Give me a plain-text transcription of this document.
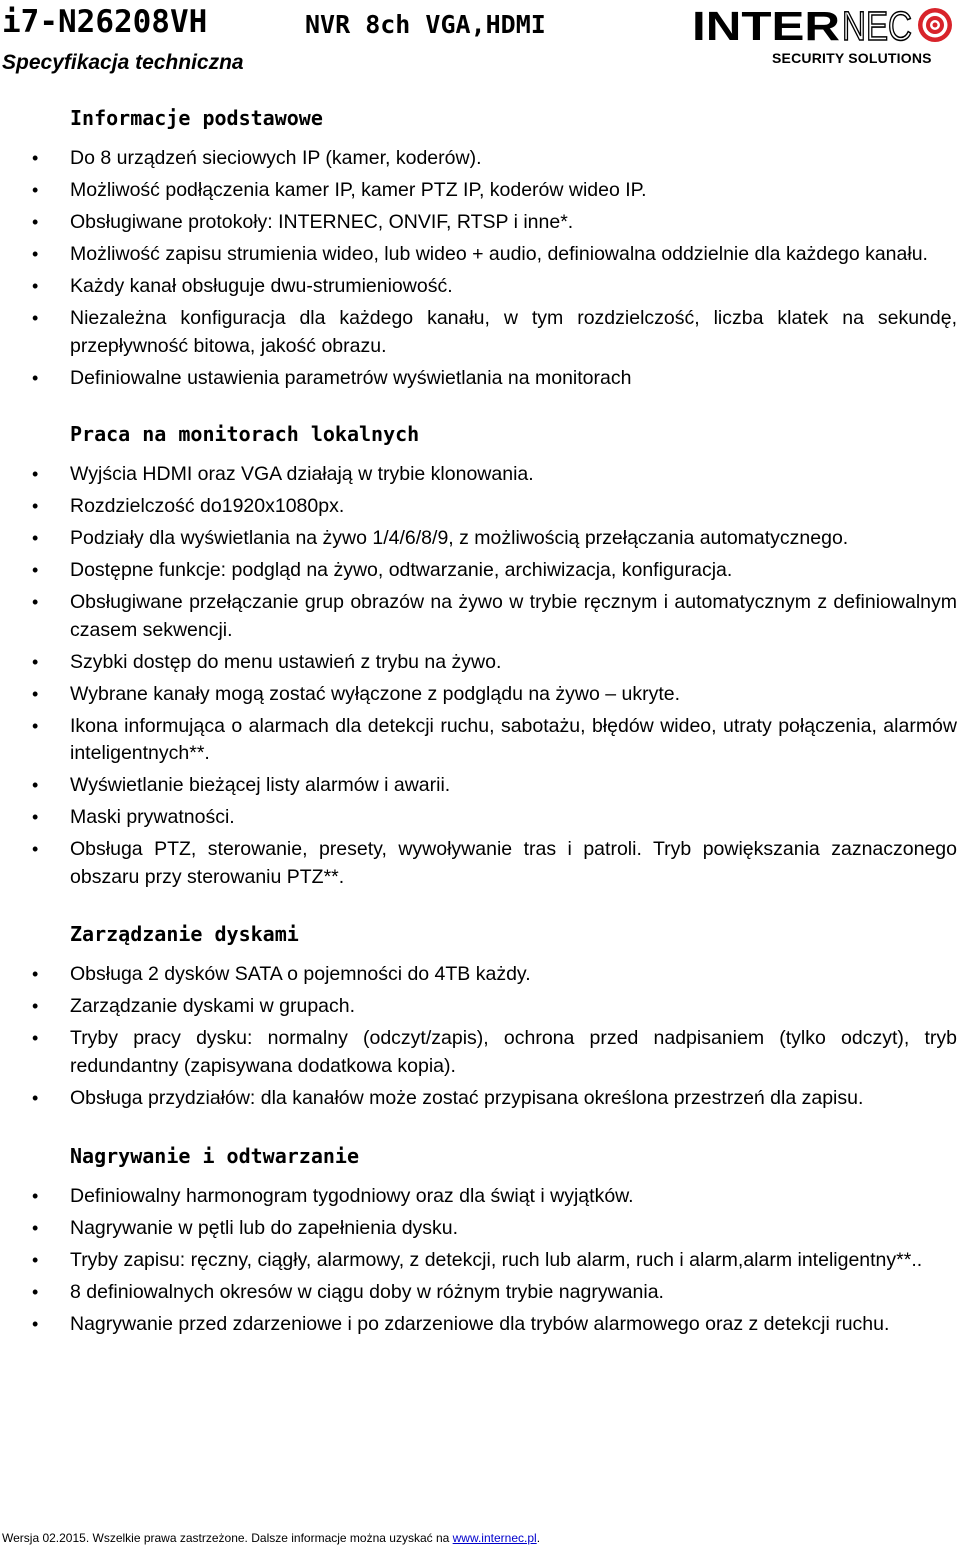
i7-N26208VH	NVR 8ch VGA,HDMI
Specyfikacja techniczna
INTER NEC
SECURITY SOLUTIONS
Informacje podstawowe
• Do 8 urządzeń sieciowych IP (kamer, koderów).
• Możliwość podłączenia kamer IP, kamer PTZ IP, koderów wideo IP.
• Obsługiwane protokoły: INTERNEC, ONVIF, RTSP i inne*.
• Możliwość zapisu strumienia wideo, lub wideo + audio, definiowalna oddzielnie dla każdego kanału.
• Każdy kanał obsługuje dwu-strumieniowość.
• Niezależna konfiguracja dla każdego kanału, w tym rozdzielczość, liczba klatek na sekundę, przepływność bitowa, jakość obrazu.
• Definiowalne ustawienia parametrów wyświetlania na monitorach
Praca na monitorach lokalnych
• Wyjścia HDMI oraz VGA działają w trybie klonowania.
• Rozdzielczość do1920x1080px.
• Podziały dla wyświetlania na żywo 1/4/6/8/9, z możliwością przełączania automatycznego.
• Dostępne funkcje: podgląd na żywo, odtwarzanie, archiwizacja, konfiguracja.
• Obsługiwane przełączanie grup obrazów na żywo w trybie ręcznym i automatycznym z definiowalnym czasem sekwencji.
• Szybki dostęp do menu ustawień z trybu na żywo.
• Wybrane kanały mogą zostać wyłączone z podglądu na żywo – ukryte.
• Ikona informująca o alarmach dla detekcji ruchu, sabotażu, błędów wideo, utraty połączenia, alarmów inteligentnych**.
• Wyświetlanie bieżącej listy alarmów i awarii.
• Maski prywatności.
• Obsługa PTZ, sterowanie, presety, wywoływanie tras i patroli. Tryb powiększania zaznaczonego obszaru przy sterowaniu PTZ**.
Zarządzanie dyskami
• Obsługa 2 dysków SATA o pojemności do 4TB każdy.
• Zarządzanie dyskami w grupach.
• Tryby pracy dysku: normalny (odczyt/zapis), ochrona przed nadpisaniem (tylko odczyt), tryb redundantny (zapisywana dodatkowa kopia).
• Obsługa przydziałów: dla kanałów może zostać przypisana określona przestrzeń dla zapisu.
Nagrywanie i odtwarzanie
• Definiowalny harmonogram tygodniowy oraz dla świąt i wyjątków.
• Nagrywanie w pętli lub do zapełnienia dysku.
• Tryby zapisu: ręczny, ciągły, alarmowy, z detekcji, ruch lub alarm, ruch i alarm,alarm inteligentny**..
• 8 definiowalnych okresów w ciągu doby w różnym trybie nagrywania.
• Nagrywanie przed zdarzeniowe i po zdarzeniowe dla trybów alarmowego oraz z detekcji ruchu.
Wersja 02.2015. Wszelkie prawa zastrzeżone. Dalsze informacje można uzyskać na www.internec.pl.
